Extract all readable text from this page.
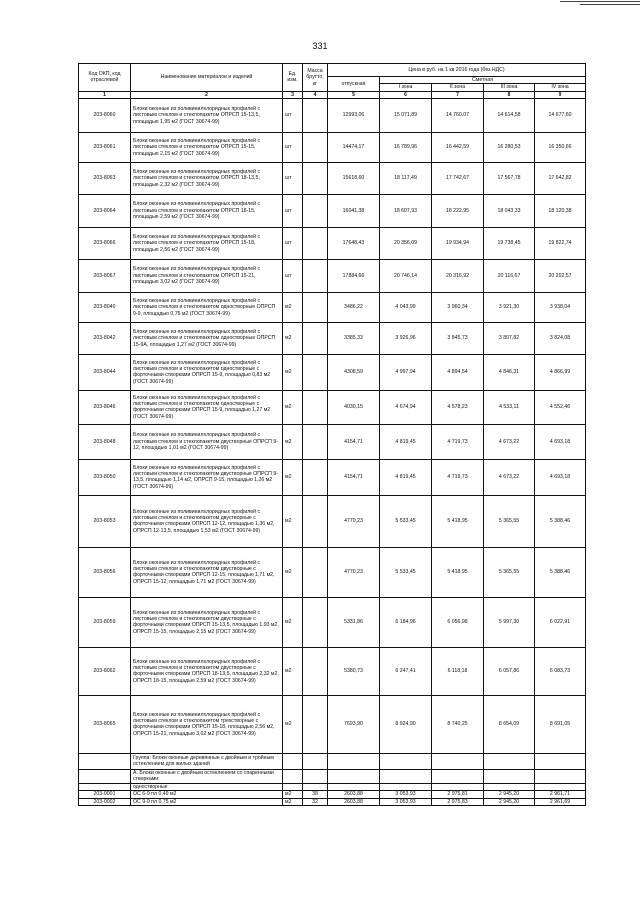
331
Код ОКП, код отраслевой	Наименование материалов и изделий	Ед. изм.	Масса брутто, кг	Цена в руб. на 1 кв 2016 года (без НДС)				
				отпускная	Сметная			
					I зона	II зона	III зона	IV зона
1	2	3	4	5	6	7	8	9
203-8060	Блоки оконные из поливинилхлоридных профилей с листовым стеклом и стеклопакетом ОПРСП 15-13,5, площадью 1,95 м2 (ГОСТ 30674-99)	шт		12993,06	15 071,89	14 760,07	14 614,58	14 677,60
203-8061	Блоки оконные из поливинилхлоридных профилей с листовым стеклом и стеклопакетом ОПРСП 15-15, площадью 2,15 м2 (ГОСТ 30674-99)	шт		14474,17	16 789,96	16 442,59	16 280,53	16 350,66
203-8063	Блоки оконные из поливинилхлоридных профилей с листовым стеклом и стеклопакетом ОПРСП 18-13,5, площадью 2,32 м2 (ГОСТ 30674-99)	шт		15618,60	18 117,49	17 742,67	17 567,78	17 642,82
203-8064	Блоки оконные из поливинилхлоридных профилей с листовым стеклом и стеклопакетом ОПРСП 18-15, площадью 2,59 м2 (ГОСТ 30674-99)	шт		16041,38	18 607,93	18 222,95	18 043,33	18 120,38
203-8066	Блоки оконные из поливинилхлоридных профилей с листовым стеклом и стеклопакетом ОПРСП 15-18, площадью 2,56 м2 (ГОСТ 30674-99)	шт		17648,43	20 356,09	19 934,94	19 738,45	19 822,74
203-8067	Блоки оконные из поливинилхлоридных профилей с листовым стеклом и стеклопакетом ОПРСП 15-21, площадью 3,02 м2 (ГОСТ 30674-99)	шт		17884,66	20 746,14	20 316,92	20 116,67	20 202,57
203-8040	Блоки оконные из поливинилхлоридных профилей с листовым стеклом и стеклопакетом одностворные ОПРСП 9-9, площадью 0,75 м2 (ГОСТ 30674-99)	м2		3486,22	4 043,99	3 960,34	3 921,30	3 938,04
203-8042	Блоки оконные из поливинилхлоридных профилей с листовым стеклом и стеклопакетом одностворные ОПРСП 15-9А, площадью 1,27 м2 (ГОСТ 30674-99)	м2		3385,33	3 926,96	3 845,73	3 807,82	3 824,08
203-8044	Блоки оконные из поливинилхлоридных профилей с листовым стеклом и стеклопакетом одностворные с форточными створками ОПРСП 15-9, площадью 0,83 м2 (ГОСТ 30674-99)	м2		4308,59	4 997,94	4 894,54	4 846,31	4 866,99
203-8046	Блоки оконные из поливинилхлоридных профилей с листовым стеклом и стеклопакетом одностворные с форточными створками ОПРСП 15-9, площадью 1,27 м2 (ГОСТ 30674-99)	м2		4030,15	4 674,94	4 578,23	4 533,11	4 552,46
203-8048	Блоки оконные из поливинилхлоридных профилей с листовым стеклом и стеклопакетом двустворные ОПРСП 9-12, площадью 1,01 м2 (ГОСТ 30674-99)	м2		4154,71	4 819,45	4 719,73	4 673,22	4 693,18
203-8050	Блоки оконные из поливинилхлоридных профилей с листовым стеклом и стеклопакетом двустворные ОПРСП 9-13,5, площадью 1,14 м2, ОПРСП 9-15, площадью 1,26 м2 (ГОСТ 30674-99)	м2		4154,71	4 819,45	4 719,73	4 673,22	4 693,18
203-8053	Блоки оконные из поливинилхлоридных профилей с листовым стеклом и стеклопакетом двустворные с форточными створками ОПРСП 12-12, площадью 1,36 м2, ОПРСП 12-13,5, площадью 1,53 м2 (ГОСТ 30674-99)	м2		4770,23	5 533,45	5 418,95	5 365,55	5 388,46
203-8056	Блоки оконные из поливинилхлоридных профилей с листовым стеклом и стеклопакетом двустворные с форточными створками ОПРСП 12-15, площадью 1,71 м2, ОПРСП 15-12, площадью 1,71 м2 (ГОСТ 30674-99)	м2		4770,23	5 533,45	5 418,95	5 365,55	5 388,46
203-8059	Блоки оконные из поливинилхлоридных профилей с листовым стеклом и стеклопакетом двустворные с форточными створками ОПРСП 15-13,5, площадью 1,93 м2, ОПРСП 15-15, площадью 2,15 м2 (ГОСТ 30674-99)	м2		5331,86	6 184,96	6 056,98	5 997,30	6 022,91
203-8062	Блоки оконные из поливинилхлоридных профилей с листовым стеклом и стеклопакетом двустворные с форточными створками ОПРСП 18-13,5, площадью 2,32 м2, ОПРСП 18-15, площадью 2,59 м2 (ГОСТ 30674-99)	м2		5380,73	6 247,41	6 118,18	6 057,86	6 083,73
203-8065	Блоки оконные из поливинилхлоридных профилей с листовым стеклом и стеклопакетом трехстворные с форточными створками ОПРСП 15-18, площадью 2,56 м2, ОПРСП 15-21, площадью 3,02 м2 (ГОСТ 30674-99)	м2		7693,90	8 924,90	8 740,25	8 654,09	8 691,05
	Группа: Блоки оконные деревянные с двойным и тройным остеклением для жилых зданий							
	А. Блоки оконные с двойным остеклением со спаренными створками:							
	одностворные							
203-0001	ОС 6-9 пл 0,49 м2	м2	38	2603,88	3 053,93	2 975,81	2 945,20	2 961,71
203-0002	ОС 9-9 пл 0,75 м2	м2	32	2603,88	3 053,93	2 975,83	2 945,20	2 961,69
